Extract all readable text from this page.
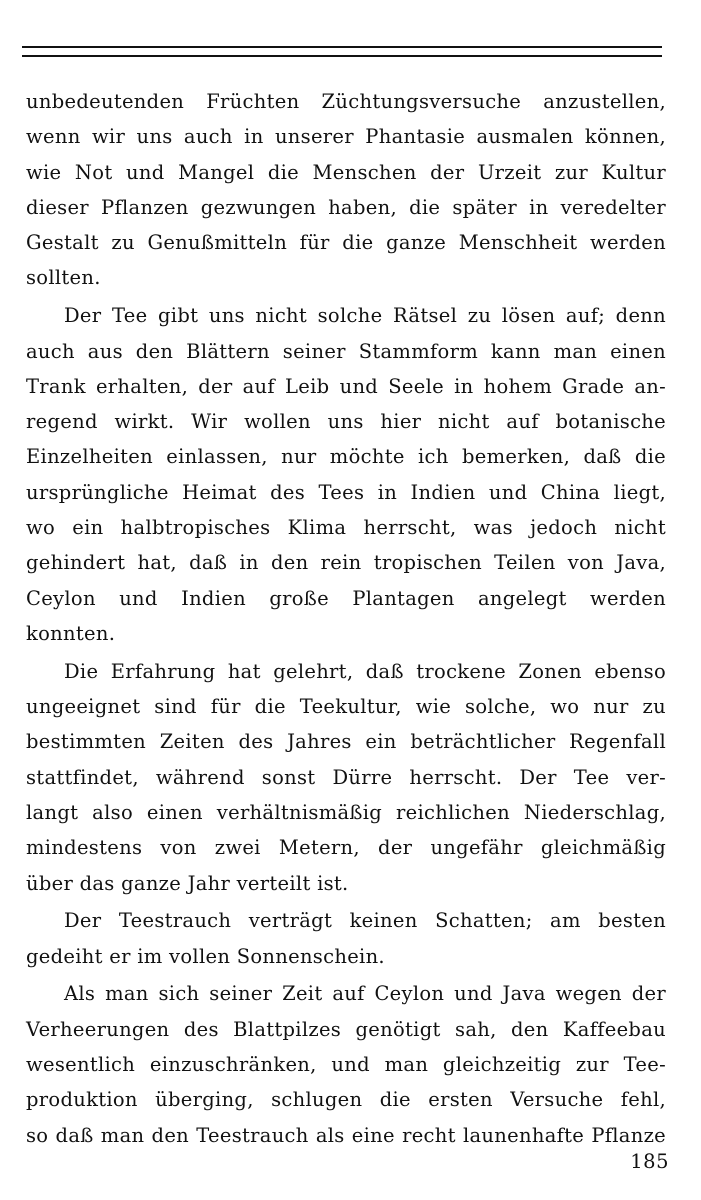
unbedeutenden Früchten Züchtungsversuche anzustellen,
wenn wir uns auch in unserer Phantasie ausmalen können,
wie Not und Mangel die Menschen der Urzeit zur Kultur
dieser Pflanzen gezwungen haben, die später in veredelter
Gestalt zu Genußmitteln für die ganze Menschheit werden
sollten.
Der Tee gibt uns nicht solche Rätsel zu lösen auf; denn
auch aus den Blättern seiner Stammform kann man einen
Trank erhalten, der auf Leib und Seele in hohem Grade an-
regend wirkt. Wir wollen uns hier nicht auf botanische
Einzelheiten einlassen, nur möchte ich bemerken, daß die
ursprüngliche Heimat des Tees in Indien und China liegt,
wo ein halbtropisches Klima herrscht, was jedoch nicht
gehindert hat, daß in den rein tropischen Teilen von Java,
Ceylon und Indien große Plantagen angelegt werden
konnten.
Die Erfahrung hat gelehrt, daß trockene Zonen ebenso
ungeeignet sind für die Teekultur, wie solche, wo nur zu
bestimmten Zeiten des Jahres ein beträchtlicher Regenfall
stattfindet, während sonst Dürre herrscht. Der Tee ver-
langt also einen verhältnismäßig reichlichen Niederschlag,
mindestens von zwei Metern, der ungefähr gleichmäßig
über das ganze Jahr verteilt ist.
Der Teestrauch verträgt keinen Schatten; am besten
gedeiht er im vollen Sonnenschein.
Als man sich seiner Zeit auf Ceylon und Java wegen der
Verheerungen des Blattpilzes genötigt sah, den Kaffeebau
wesentlich einzuschränken, und man gleichzeitig zur Tee-
produktion überging, schlugen die ersten Versuche fehl,
so daß man den Teestrauch als eine recht launenhafte Pflanze
185
